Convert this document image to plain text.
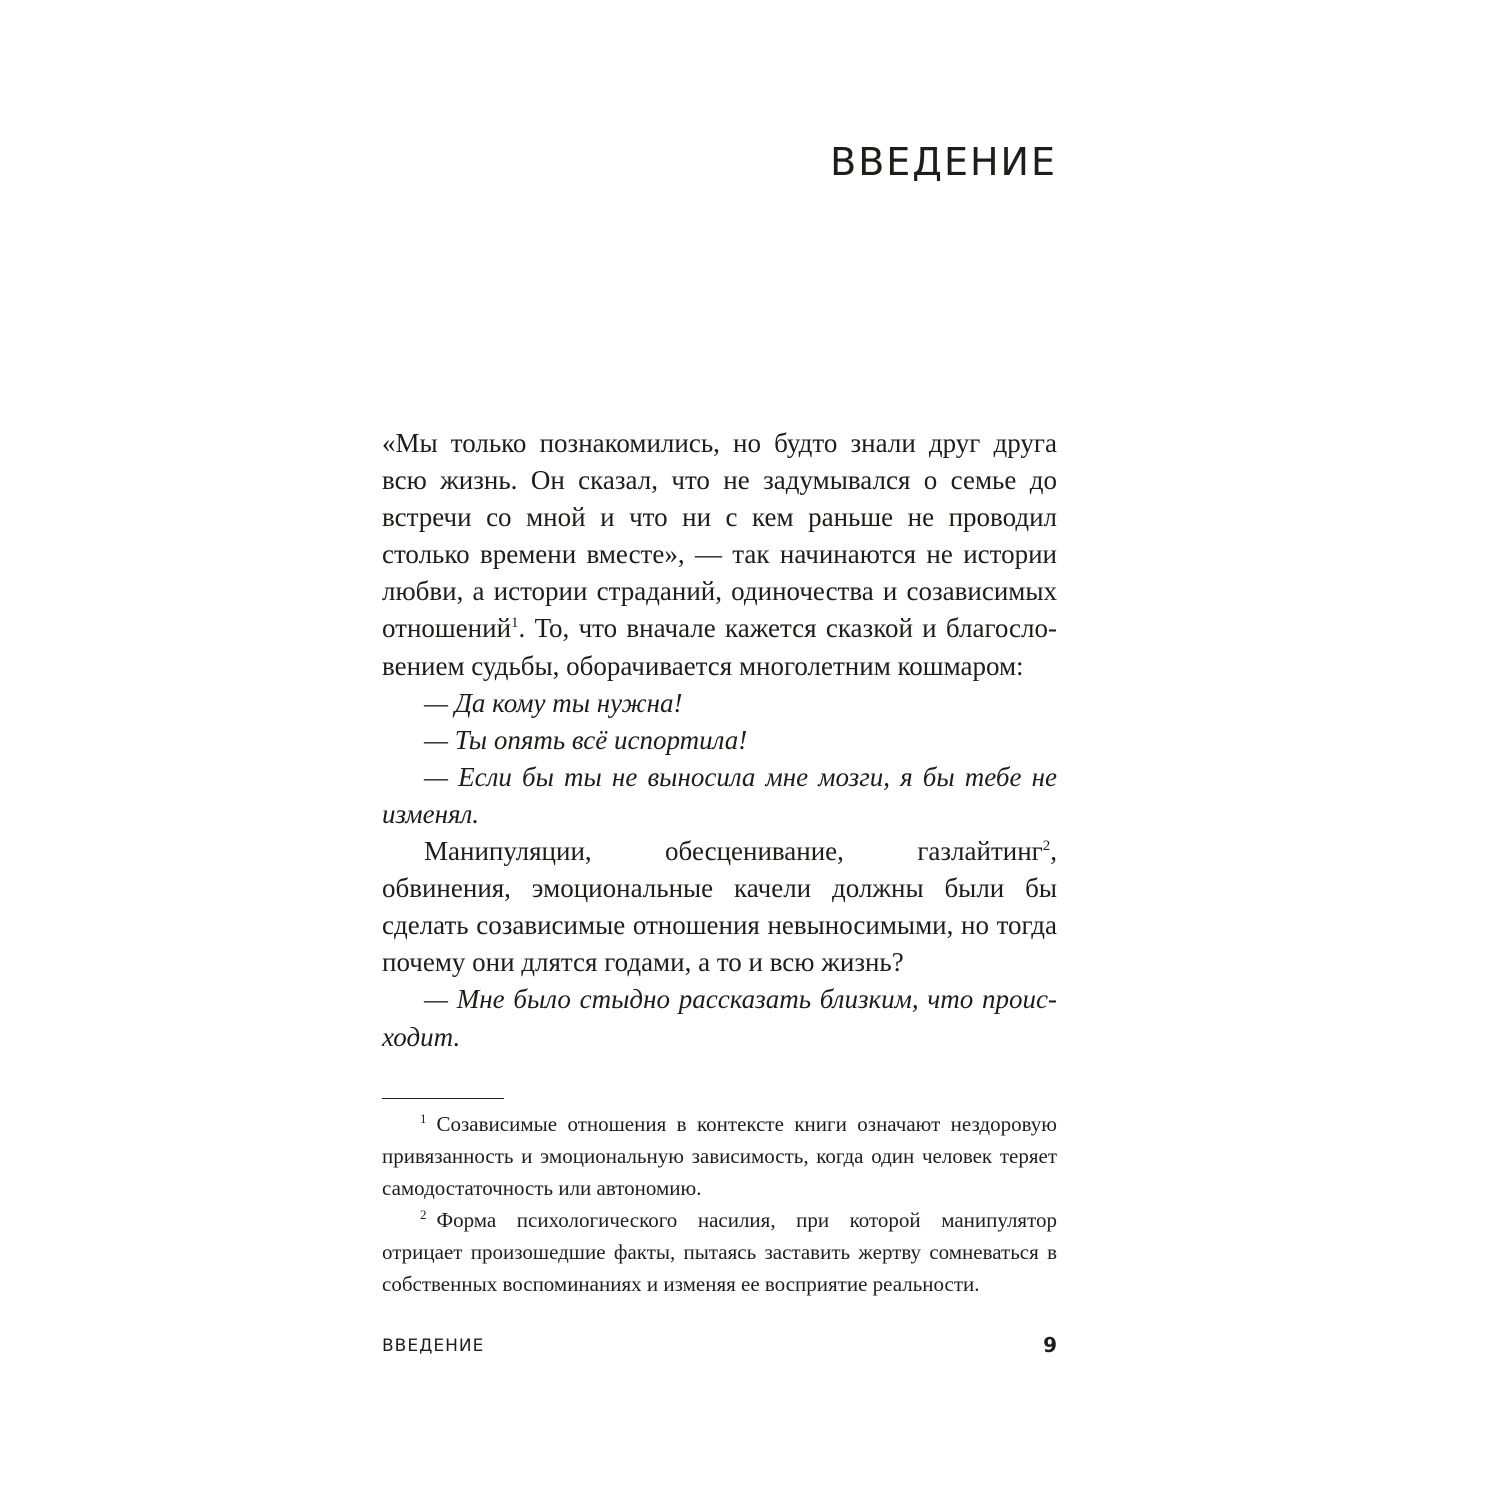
ВВЕДЕНИЕ

«Мы только познакомились, но будто знали друг друга всю жизнь. Он сказал, что не задумывался о семье до встречи со мной и что ни с кем раньше не проводил столько времени вместе», — так начинаются не истории любви, а истории страданий, одиночества и созависимых отношений$^1$. То, что вначале кажется сказкой и благословением судьбы, оборачивается многолетним кошмаром:

— Да кому ты нужна!

— Ты опять всё испортила!

— Если бы ты не выносила мне мозги, я бы тебе не изменял.

Манипуляции, обесценивание, газлайтинг$^2$, обвинения, эмоциональные качели должны были бы сделать созависимые отношения невыносимыми, но тогда почему они длятся годами, а то и всю жизнь?

— Мне было стыдно рассказать близким, что происходит.

$^1$ Созависимые отношения в контексте книги означают нездоровую привязанность и эмоциональную зависимость, когда один человек теряет самодостаточность или автономию.

$^2$ Форма психологического насилия, при которой манипулятор отрицает произошедшие факты, пытаясь заставить жертву сомневаться в собственных воспоминаниях и изменяя ее восприятие реальности.

ВВЕДЕНИЕ	9
